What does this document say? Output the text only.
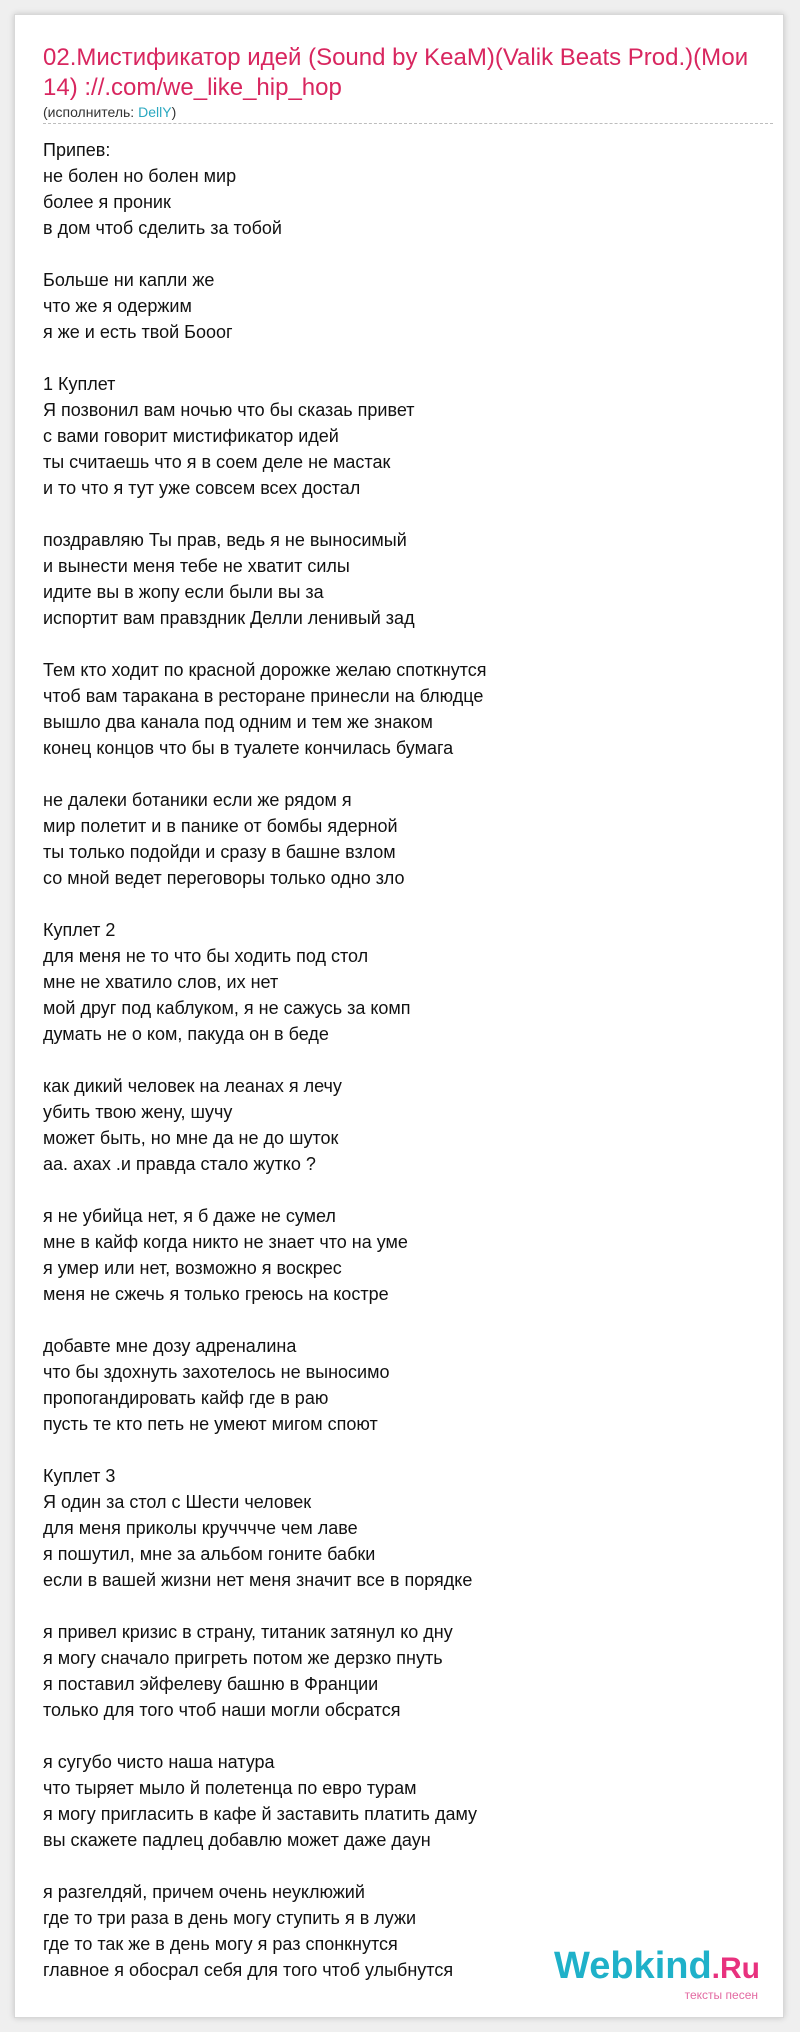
02.Мистификатор идей (Sound by KeaM)(Valik Beats Prod.)(Мои 14) ://.com/we_like_hip_hop
(исполнитель: DellY)
Припев:
не болен но болен мир
более я проник
в дом чтоб сделить за тобой
Больше ни капли же
что же я одержим
я же и есть твой Бооог
1 Куплет
Я позвонил вам ночью что бы сказаь привет
с вами говорит мистификатор идей
ты считаешь что я в соем деле не мастак
и то что я тут уже совсем всех достал
поздравляю Ты прав, ведь я не выносимый
и вынести меня тебе не хватит силы
идите вы в жопу если были вы за
испортит вам правздник Делли ленивый зад
Тем кто ходит по красной дорожке желаю споткнутся
чтоб вам таракана в ресторане принесли на блюдце
вышло два канала под одним и тем же знаком
конец концов что бы в туалете кончилась бумага
не далеки ботаники если же рядом я
мир полетит и в панике от бомбы ядерной
ты только подойди и сразу в башне взлом
со мной ведет переговоры только одно зло
Куплет 2
для меня не то что бы ходить под стол
мне не хватило слов, их нет
мой друг под каблуком, я не сажусь за комп
думать не о ком, пакуда он в беде
как дикий человек на леанах я лечу
убить твою жену, шучу
может быть, но мне да не до шуток
аа. ахах .и правда стало жутко ?
я не убийца нет, я б даже не сумел
мне в кайф когда никто не знает что на уме
я умер или нет, возможно я воскрес
меня не сжечь я только греюсь на костре
добавте мне дозу адреналина
что бы здохнуть захотелось не выносимо
пропогандировать кайф где в раю
пусть те кто петь не умеют мигом споют
Куплет 3
Я один за стол с Шести человек
для меня приколы круччччe чем лаве
я пошутил, мне за альбом гоните бабки
если в вашей жизни нет меня значит все в порядке
я привел кризис в страну, титаник затянул ко дну
я могу сначало пригреть потом же дерзко пнуть
я поставил эйфелеву башню в Франции
только для того чтоб наши могли обсратся
я сугубо чисто наша натура
что тыряет мыло й полетенца по евро турам
я могу пригласить в кафе й заставить платить даму
вы скажете падлец добавлю может даже даун
я разгелдяй, причем очень неуклюжий
где то три раза в день могу ступить я в лужи
где то так же в день могу я раз спонкнутся
главное я обосрал себя для того чтоб улыбнутся	Webkind.Ru
тексты песен
